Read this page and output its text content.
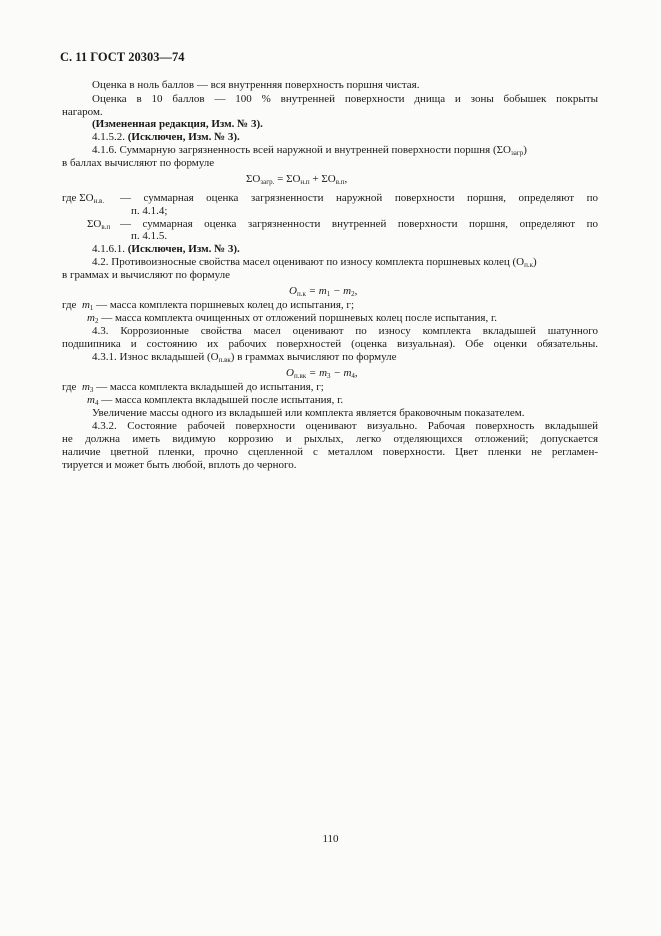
С. 11 ГОСТ 20303—74
Оценка в ноль баллов — вся внутренняя поверхность поршня чистая.
Оценка в 10 баллов — 100 % внутренней поверхности днища и зоны бобышек покрыты
нагаром.
(Измененная редакция, Изм. № 3).
4.1.5.2. (Исключен, Изм. № 3).
4.1.6. Суммарную загрязненность всей наружной и внутренней поверхности поршня $(\Sigma О_{загр})$
в баллах вычисляют по формуле
$\Sigma О_{загр.} = \Sigma О_{н.п} + \Sigma О_{в.п}$,
где $\Sigma О_{н.в.}$ — суммарная оценка загрязненности наружной поверхности поршня, определяют по
п. 4.1.4;
$\Sigma О_{в.п}$ — суммарная оценка загрязненности внутренней поверхности поршня, определяют по
п. 4.1.5.
4.1.6.1. (Исключен, Изм. № 3).
4.2. Противоизносные свойства масел оценивают по износу комплекта поршневых колец $(О_{п.к})$
в граммах и вычисляют по формуле
$О_{п.к} = m_1 - m_2$,
где $m_1$ — масса комплекта поршневых колец до испытания, г;
$m_2$ — масса комплекта очищенных от отложений поршневых колец после испытания, г.
4.3. Коррозионные свойства масел оценивают по износу комплекта вкладышей шатунного
подшипника и состоянию их рабочих поверхностей (оценка визуальная). Обе оценки обязательны.
4.3.1. Износ вкладышей $(О_{п.вк})$ в граммах вычисляют по формуле
$О_{п.вк} = m_3 - m_4$,
где $m_3$ — масса комплекта вкладышей до испытания, г;
$m_4$ — масса комплекта вкладышей после испытания, г.
Увеличение массы одного из вкладышей или комплекта является браковочным показателем.
4.3.2. Состояние рабочей поверхности оценивают визуально. Рабочая поверхность вкладышей
не должна иметь видимую коррозию и рыхлых, легко отделяющихся отложений; допускается
наличие цветной пленки, прочно сцепленной с металлом поверхности. Цвет пленки не регламен-
тируется и может быть любой, вплоть до черного.
110
